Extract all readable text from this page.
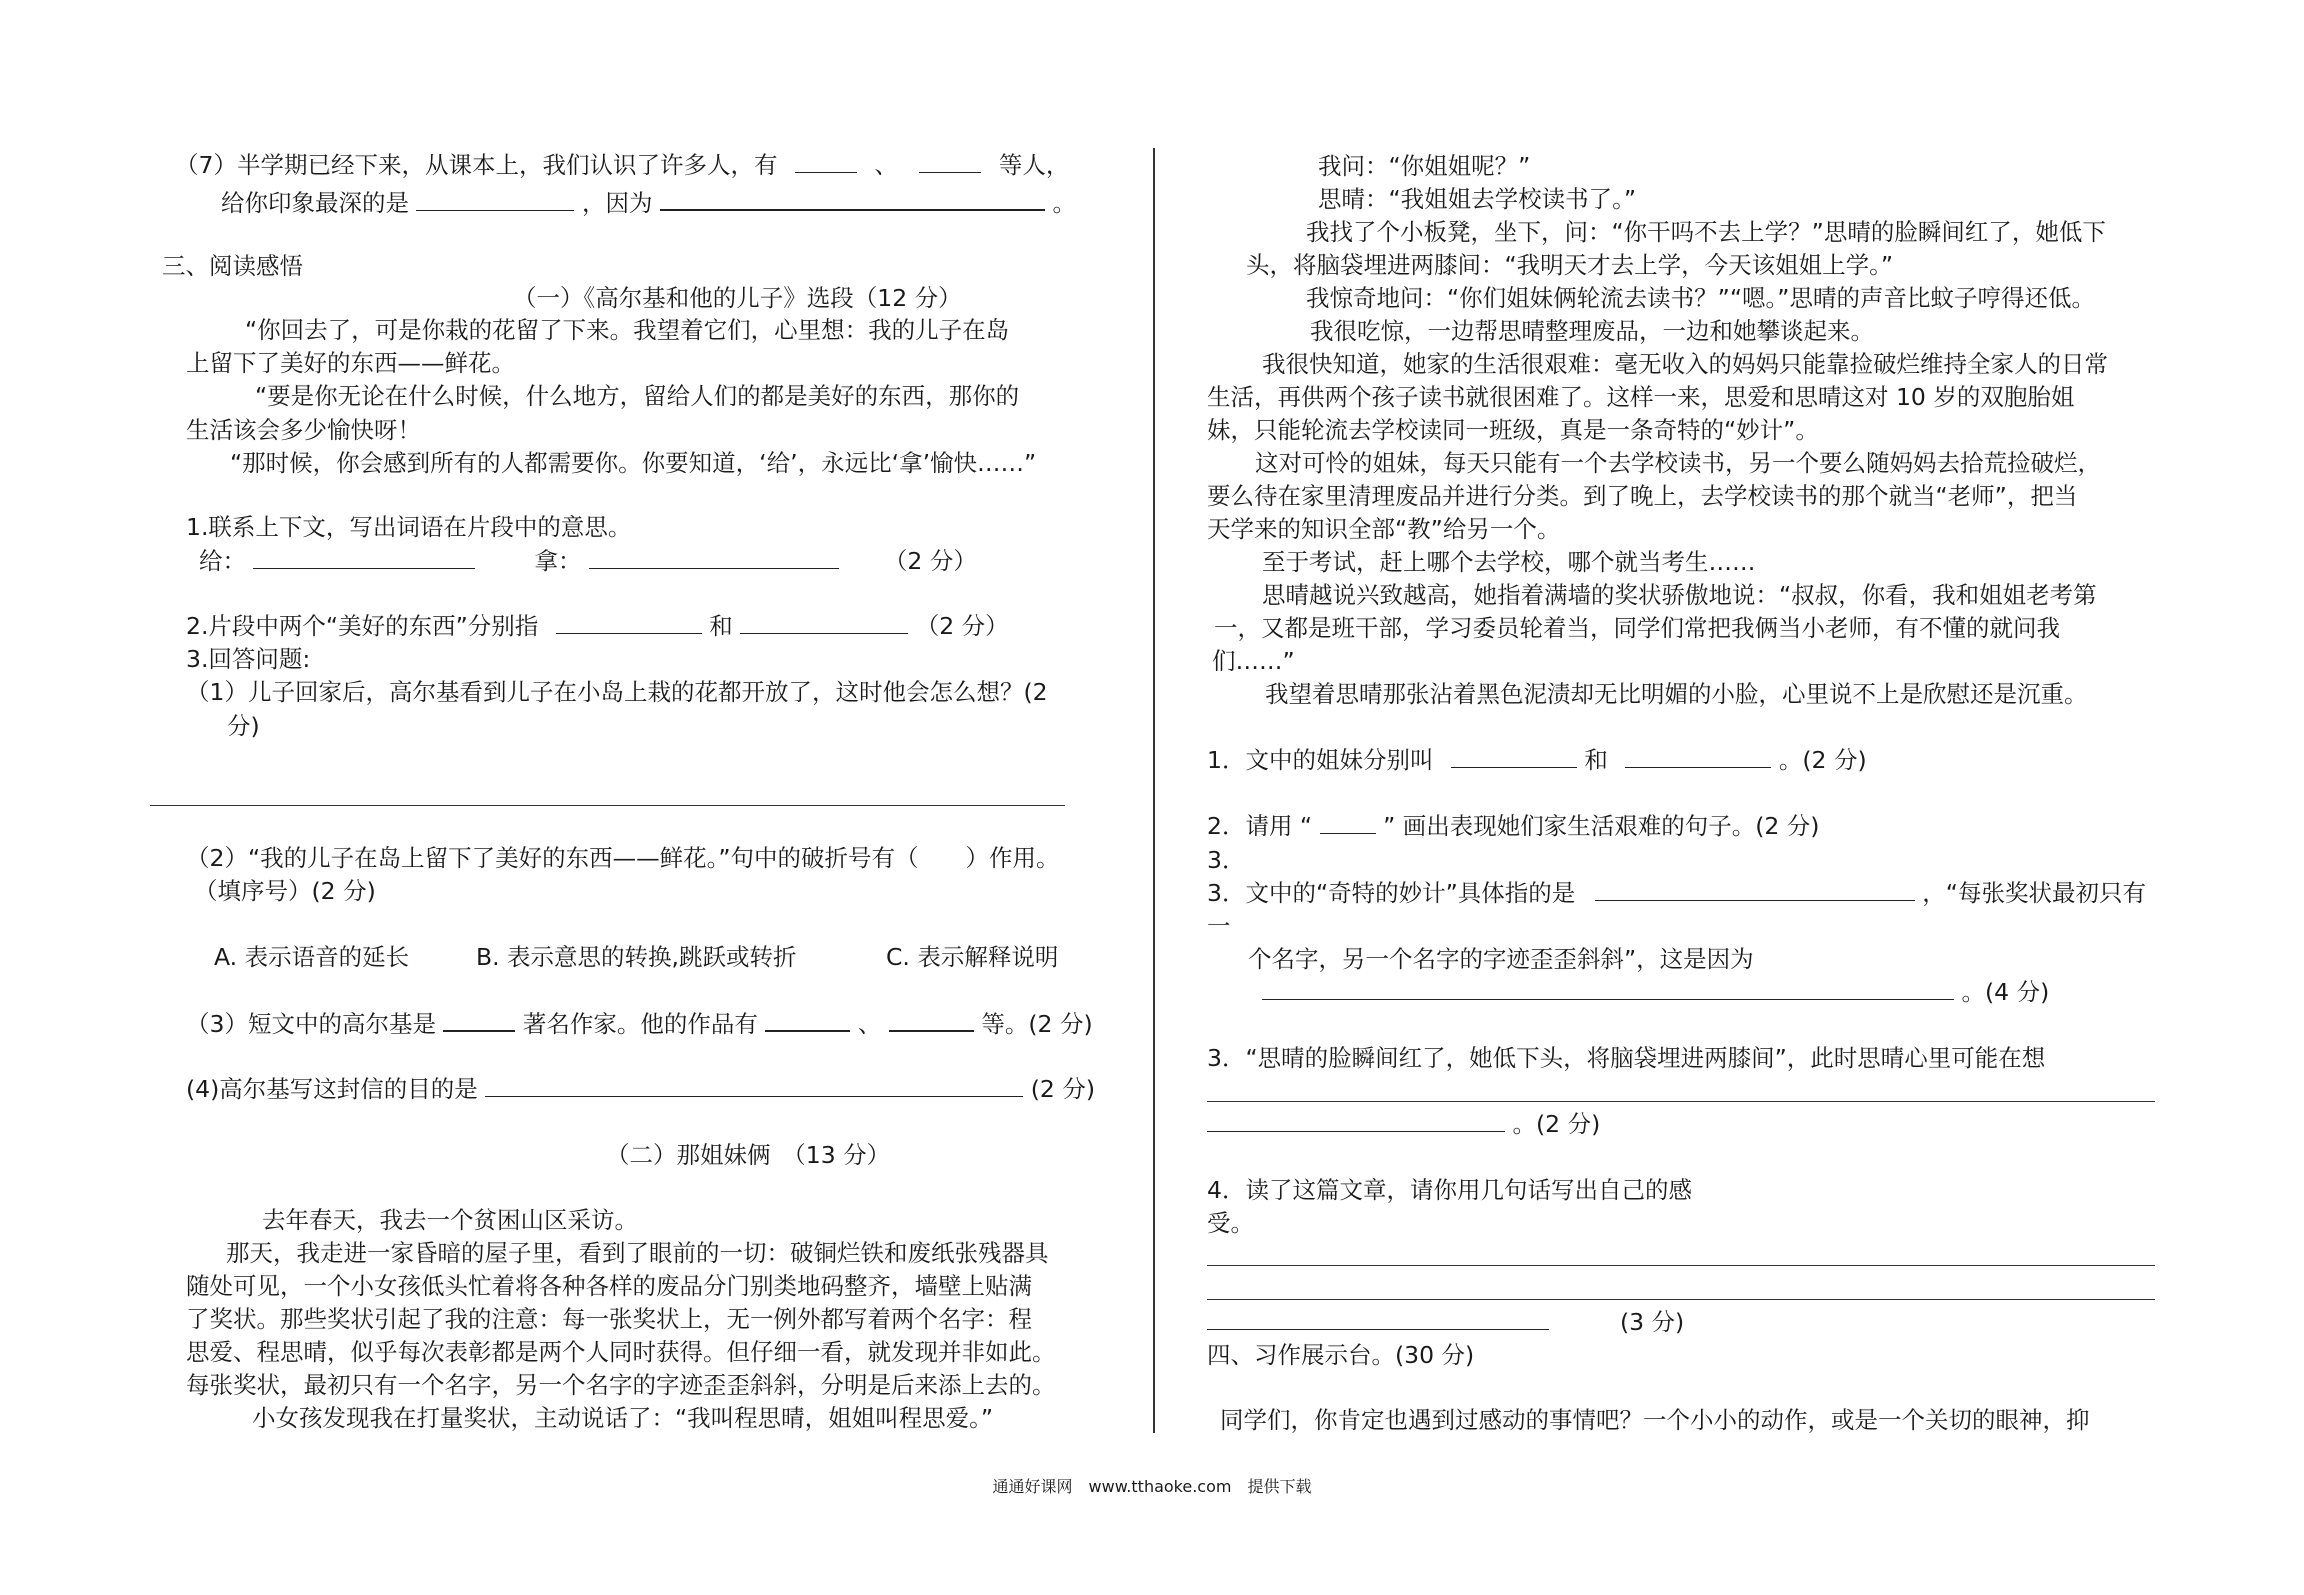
（7）半学期已经下来，从课本上，我们认识了许多人，有	、	等人，
给你印象最深的是	，因为	。
三、阅读感悟
（一）《高尔基和他的儿子》选段（12 分）
“你回去了，可是你栽的花留了下来。我望着它们，心里想：我的儿子在岛
上留下了美好的东西——鲜花。
“要是你无论在什么时候，什么地方，留给人们的都是美好的东西，那你的
生活该会多少愉快呀！
“那时候，你会感到所有的人都需要你。你要知道，‘给’，永远比‘拿’愉快……”
1.联系上下文，写出词语在片段中的意思。
给：	拿：	（2 分）
2.片段中两个“美好的东西”分别指	和	（2 分）
3.回答问题:
（1）儿子回家后，高尔基看到儿子在小岛上栽的花都开放了，这时他会怎么想？(2
分)
（2）“我的儿子在岛上留下了美好的东西——鲜花。”句中的破折号有（　　）作用。
（填序号）(2 分)
A. 表示语音的延长	B. 表示意思的转换,跳跃或转折	C. 表示解释说明
（3）短文中的高尔基是	著名作家。他的作品有	、	等。(2 分)
(4)高尔基写这封信的目的是	(2 分)
（二）那姐妹俩　（13 分）
去年春天，我去一个贫困山区采访。
那天，我走进一家昏暗的屋子里，看到了眼前的一切：破铜烂铁和废纸张残器具
随处可见，一个小女孩低头忙着将各种各样的废品分门别类地码整齐，墙壁上贴满
了奖状。那些奖状引起了我的注意：每一张奖状上，无一例外都写着两个名字：程
思爱、程思晴，似乎每次表彰都是两个人同时获得。但仔细一看，就发现并非如此。
每张奖状，最初只有一个名字，另一个名字的字迹歪歪斜斜，分明是后来添上去的。
小女孩发现我在打量奖状，主动说话了：“我叫程思晴，姐姐叫程思爱。”
我问：“你姐姐呢？”
思晴：“我姐姐去学校读书了。”
我找了个小板凳，坐下，问：“你干吗不去上学？”思晴的脸瞬间红了，她低下
头，将脑袋埋进两膝间：“我明天才去上学，今天该姐姐上学。”
我惊奇地问：“你们姐妹俩轮流去读书？”“嗯。”思晴的声音比蚊子哼得还低。
我很吃惊，一边帮思晴整理废品，一边和她攀谈起来。
我很快知道，她家的生活很艰难：毫无收入的妈妈只能靠捡破烂维持全家人的日常
生活，再供两个孩子读书就很困难了。这样一来，思爱和思晴这对 10 岁的双胞胎姐
妹，只能轮流去学校读同一班级，真是一条奇特的“妙计”。
这对可怜的姐妹，每天只能有一个去学校读书，另一个要么随妈妈去拾荒捡破烂，
要么待在家里清理废品并进行分类。到了晚上，去学校读书的那个就当“老师”，把当
天学来的知识全部“教”给另一个。
至于考试，赶上哪个去学校，哪个就当考生……
思晴越说兴致越高，她指着满墙的奖状骄傲地说：“叔叔，你看，我和姐姐老考第
一，又都是班干部，学习委员轮着当，同学们常把我俩当小老师，有不懂的就问我
们……”
我望着思晴那张沾着黑色泥渍却无比明媚的小脸，心里说不上是欣慰还是沉重。
1．文中的姐妹分别叫	和	。(2 分)
2．请用 “	” 画出表现她们家生活艰难的句子。(2 分)
3．
3．文中的“奇特的妙计”具体指的是	，“每张奖状最初只有
一
个名字，另一个名字的字迹歪歪斜斜”，这是因为
。(4 分)
3．“思晴的脸瞬间红了，她低下头，将脑袋埋进两膝间”，此时思晴心里可能在想
。(2 分)
4．读了这篇文章，请你用几句话写出自己的感
受。
(3 分)
四、习作展示台。(30 分)
同学们，你肯定也遇到过感动的事情吧？一个小小的动作，或是一个关切的眼神，抑
通通好课网　www.tthaoke.com　提供下载
